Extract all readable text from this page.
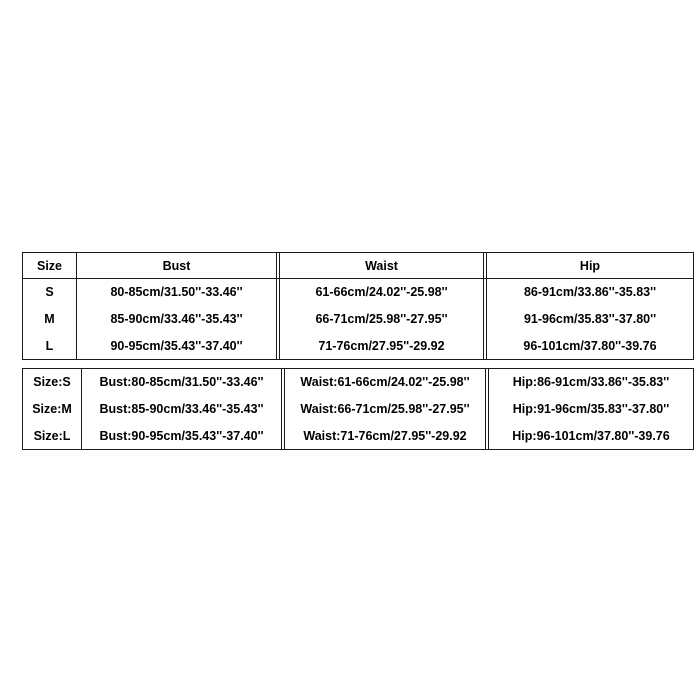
Size	Bust		Waist		Hip
S	80-85cm/31.50''-33.46''		61-66cm/24.02''-25.98''		86-91cm/33.86''-35.83''
M	85-90cm/33.46''-35.43''		66-71cm/25.98''-27.95''		91-96cm/35.83''-37.80''
L	90-95cm/35.43''-37.40''		71-76cm/27.95''-29.92		96-101cm/37.80''-39.76
Size:S	Bust:80-85cm/31.50''-33.46''		Waist:61-66cm/24.02''-25.98''		Hip:86-91cm/33.86''-35.83''
Size:M	Bust:85-90cm/33.46''-35.43''		Waist:66-71cm/25.98''-27.95''		Hip:91-96cm/35.83''-37.80''
Size:L	Bust:90-95cm/35.43''-37.40''		Waist:71-76cm/27.95''-29.92		Hip:96-101cm/37.80''-39.76
